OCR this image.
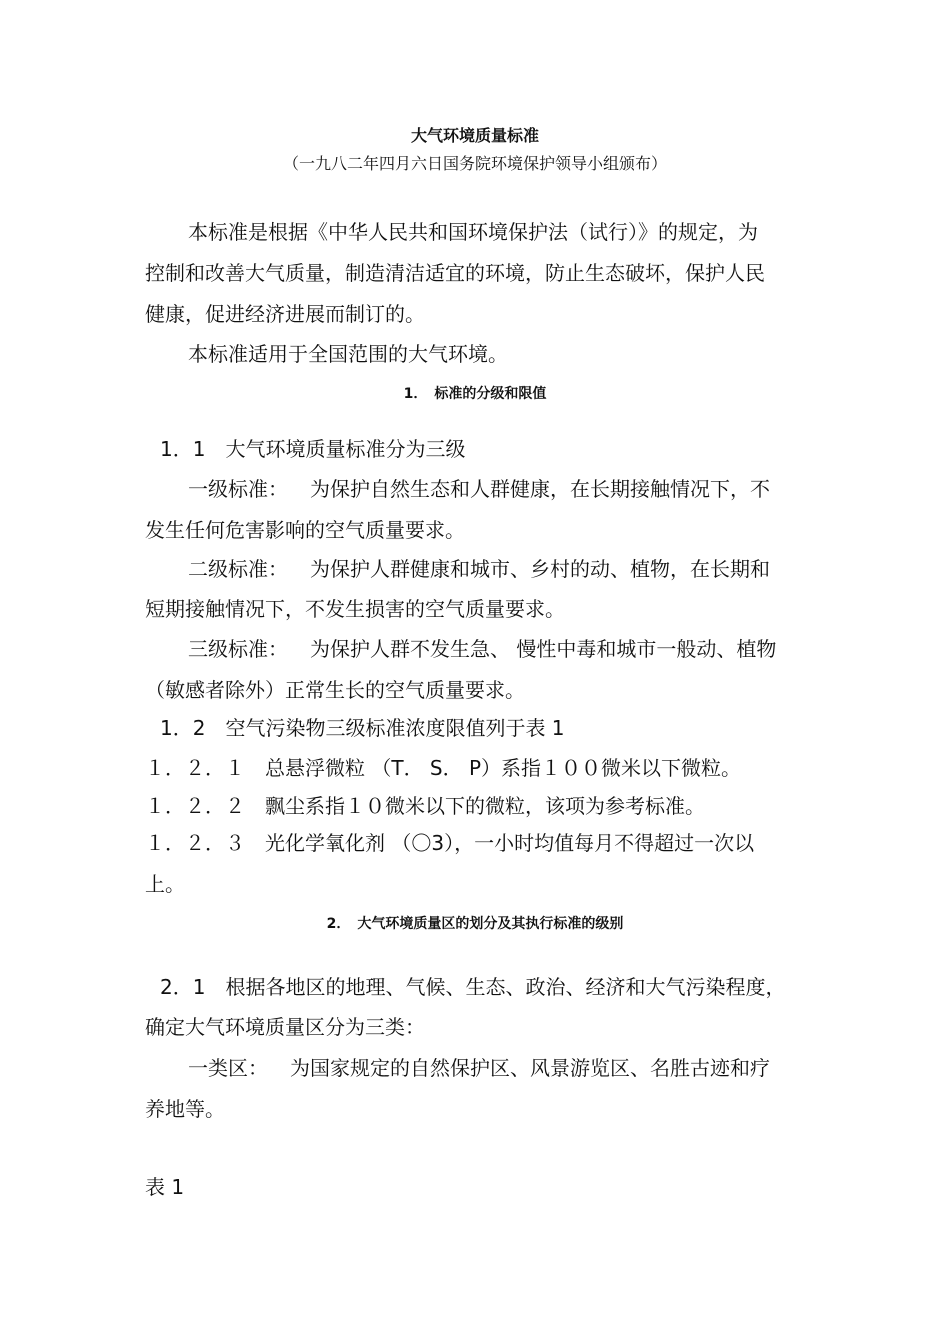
大气环境质量标准
（一九八二年四月六日国务院环境保护领导小组颁布）
本标准是根据《中华人民共和国环境保护法（试行）》的规定，为
控制和改善大气质量，制造清洁适宜的环境，防止生态破坏，保护人民
健康，促进经济进展而制订的。
本标准适用于全国范围的大气环境。
1．　标准的分级和限值
1．1　大气环境质量标准分为三级
一级标准： 为保护自然生态和人群健康，在长期接触情况下，不
发生任何危害影响的空气质量要求。
二级标准： 为保护人群健康和城市、乡村的动、植物，在长期和
短期接触情况下，不发生损害的空气质量要求。
三级标准： 为保护人群不发生急、 慢性中毒和城市一般动、植物
（敏感者除外）正常生长的空气质量要求。
1．2　空气污染物三级标准浓度限值列于表 1
１．２．１　总悬浮微粒 （T． S． P）系指１００微米以下微粒。
１．２．２　飘尘系指１０微米以下的微粒，该项为参考标准。
１．２．３　光化学氧化剂 （〇3），一小时均值每月不得超过一次以
上。
2．　大气环境质量区的划分及其执行标准的级别
2．1　根据各地区的地理、气候、生态、政治、经济和大气污染程度，
确定大气环境质量区分为三类：
一类区： 为国家规定的自然保护区、风景游览区、名胜古迹和疗
养地等。
表 1
